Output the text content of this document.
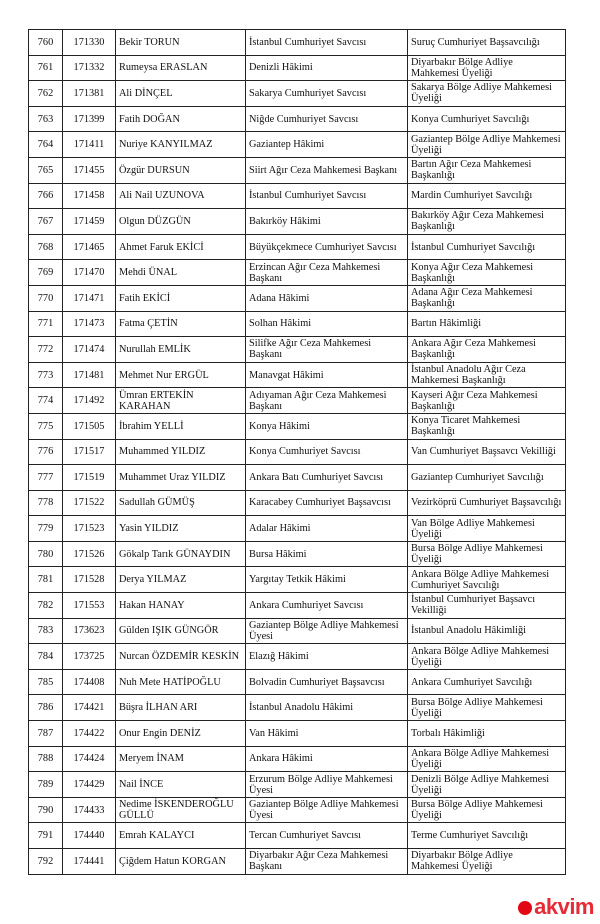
760	171330	Bekir TORUN	İstanbul Cumhuriyet Savcısı	Suruç Cumhuriyet Başsavcılığı
761	171332	Rumeysa ERASLAN	Denizli Hâkimi	Diyarbakır Bölge Adliye Mahkemesi Üyeliği
762	171381	Ali DİNÇEL	Sakarya Cumhuriyet Savcısı	Sakarya Bölge Adliye Mahkemesi Üyeliği
763	171399	Fatih DOĞAN	Niğde Cumhuriyet Savcısı	Konya Cumhuriyet Savcılığı
764	171411	Nuriye KANYILMAZ	Gaziantep Hâkimi	Gaziantep Bölge Adliye Mahkemesi Üyeliği
765	171455	Özgür DURSUN	Siirt Ağır Ceza Mahkemesi Başkanı	Bartın Ağır Ceza Mahkemesi Başkanlığı
766	171458	Ali Nail UZUNOVA	İstanbul Cumhuriyet Savcısı	Mardin Cumhuriyet Savcılığı
767	171459	Olgun DÜZGÜN	Bakırköy Hâkimi	Bakırköy Ağır Ceza Mahkemesi Başkanlığı
768	171465	Ahmet Faruk EKİCİ	Büyükçekmece Cumhuriyet Savcısı	İstanbul Cumhuriyet Savcılığı
769	171470	Mehdi ÜNAL	Erzincan Ağır Ceza Mahkemesi Başkanı	Konya Ağır Ceza Mahkemesi Başkanlığı
770	171471	Fatih EKİCİ	Adana Hâkimi	Adana Ağır Ceza Mahkemesi Başkanlığı
771	171473	Fatma ÇETİN	Solhan Hâkimi	Bartın Hâkimliği
772	171474	Nurullah EMLİK	Silifke Ağır Ceza Mahkemesi Başkanı	Ankara Ağır Ceza Mahkemesi Başkanlığı
773	171481	Mehmet Nur ERGÜL	Manavgat Hâkimi	İstanbul Anadolu Ağır Ceza Mahkemesi Başkanlığı
774	171492	Ümran ERTEKİN KARAHAN	Adıyaman Ağır Ceza Mahkemesi Başkanı	Kayseri Ağır Ceza Mahkemesi Başkanlığı
775	171505	İbrahim YELLİ	Konya Hâkimi	Konya Ticaret Mahkemesi Başkanlığı
776	171517	Muhammed YILDIZ	Konya Cumhuriyet Savcısı	Van Cumhuriyet Başsavcı Vekilliği
777	171519	Muhammet Uraz YILDIZ	Ankara Batı Cumhuriyet Savcısı	Gaziantep Cumhuriyet Savcılığı
778	171522	Sadullah GÜMÜŞ	Karacabey Cumhuriyet Başsavcısı	Vezirköprü Cumhuriyet Başsavcılığı
779	171523	Yasin YILDIZ	Adalar Hâkimi	Van Bölge Adliye Mahkemesi Üyeliği
780	171526	Gökalp Tarık GÜNAYDIN	Bursa Hâkimi	Bursa Bölge Adliye Mahkemesi Üyeliği
781	171528	Derya YILMAZ	Yargıtay Tetkik Hâkimi	Ankara Bölge Adliye Mahkemesi Cumhuriyet Savcılığı
782	171553	Hakan HANAY	Ankara Cumhuriyet Savcısı	İstanbul Cumhuriyet Başsavcı Vekilliği
783	173623	Gülden IŞIK GÜNGÖR	Gaziantep Bölge Adliye Mahkemesi Üyesi	İstanbul Anadolu Hâkimliği
784	173725	Nurcan ÖZDEMİR KESKİN	Elazığ Hâkimi	Ankara Bölge Adliye Mahkemesi Üyeliği
785	174408	Nuh Mete HATİPOĞLU	Bolvadin Cumhuriyet Başsavcısı	Ankara Cumhuriyet Savcılığı
786	174421	Büşra İLHAN ARI	İstanbul Anadolu Hâkimi	Bursa Bölge Adliye Mahkemesi Üyeliği
787	174422	Onur Engin DENİZ	Van Hâkimi	Torbalı Hâkimliği
788	174424	Meryem İNAM	Ankara Hâkimi	Ankara Bölge Adliye Mahkemesi Üyeliği
789	174429	Nail İNCE	Erzurum Bölge Adliye Mahkemesi Üyesi	Denizli Bölge Adliye Mahkemesi Üyeliği
790	174433	Nedime İSKENDEROĞLU GÜLLÜ	Gaziantep Bölge Adliye Mahkemesi Üyesi	Bursa Bölge Adliye Mahkemesi Üyeliği
791	174440	Emrah KALAYCI	Tercan Cumhuriyet Savcısı	Terme Cumhuriyet Savcılığı
792	174441	Çiğdem Hatun KORGAN	Diyarbakır Ağır Ceza Mahkemesi Başkanı	Diyarbakır Bölge Adliye Mahkemesi Üyeliği
akvim
